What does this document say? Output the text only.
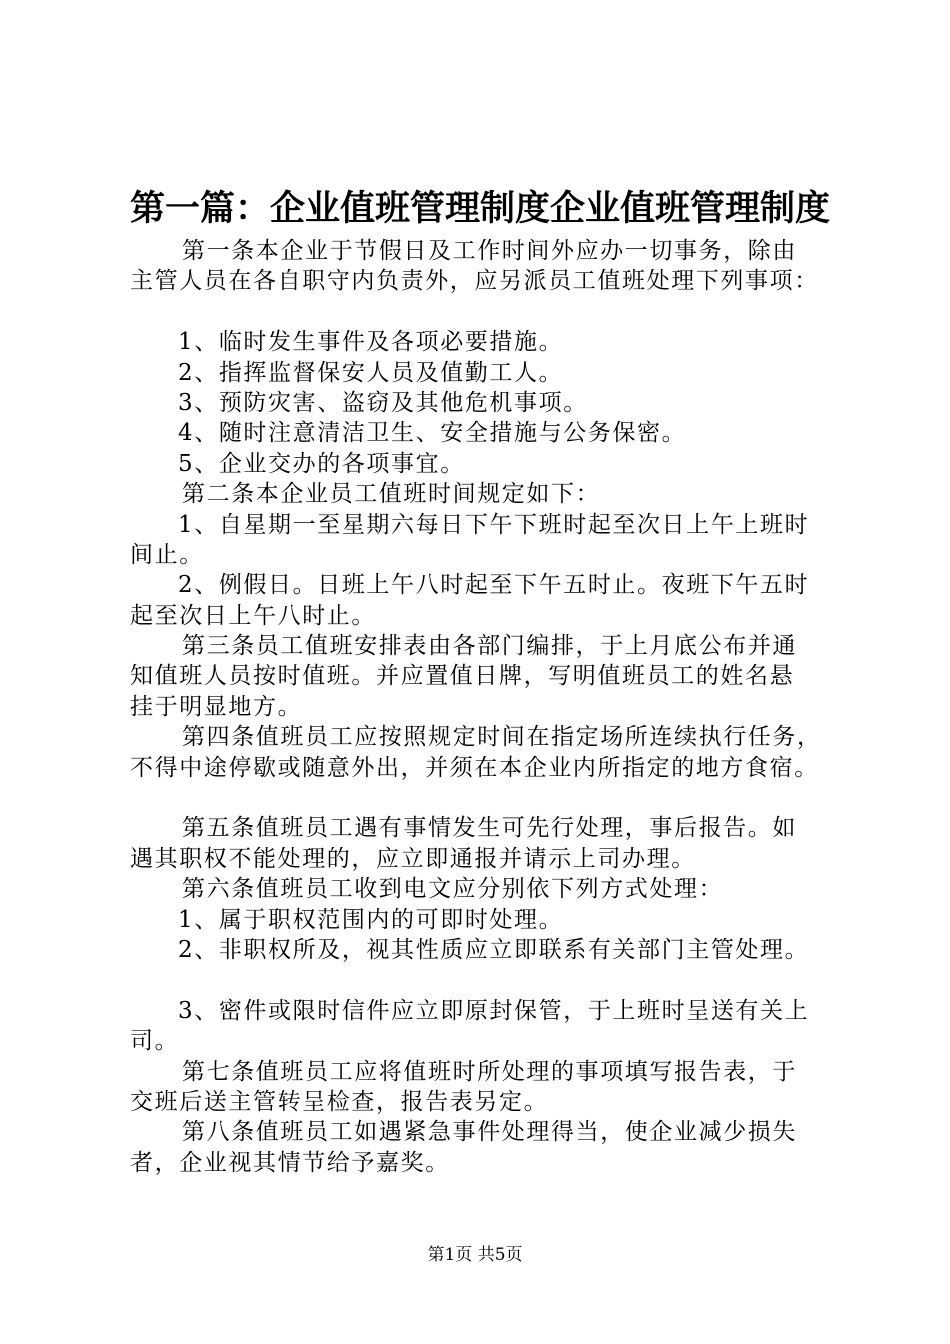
第一篇：企业值班管理制度企业值班管理制度
第一条本企业于节假日及工作时间外应办一切事务，除由
主管人员在各自职守内负责外，应另派员工值班处理下列事项：
1、临时发生事件及各项必要措施。
2、指挥监督保安人员及值勤工人。
3、预防灾害、盗窃及其他危机事项。
4、随时注意清洁卫生、安全措施与公务保密。
5、企业交办的各项事宜。
第二条本企业员工值班时间规定如下：
1、自星期一至星期六每日下午下班时起至次日上午上班时
间止。
2、例假日。日班上午八时起至下午五时止。夜班下午五时
起至次日上午八时止。
第三条员工值班安排表由各部门编排，于上月底公布并通
知值班人员按时值班。并应置值日牌，写明值班员工的姓名悬
挂于明显地方。
第四条值班员工应按照规定时间在指定场所连续执行任务，
不得中途停歇或随意外出，并须在本企业内所指定的地方食宿。
第五条值班员工遇有事情发生可先行处理，事后报告。如
遇其职权不能处理的，应立即通报并请示上司办理。
第六条值班员工收到电文应分别依下列方式处理：
1、属于职权范围内的可即时处理。
2、非职权所及，视其性质应立即联系有关部门主管处理。
3、密件或限时信件应立即原封保管，于上班时呈送有关上
司。
第七条值班员工应将值班时所处理的事项填写报告表，于
交班后送主管转呈检查，报告表另定。
第八条值班员工如遇紧急事件处理得当，使企业减少损失
者，企业视其情节给予嘉奖。
第1页 共5页
